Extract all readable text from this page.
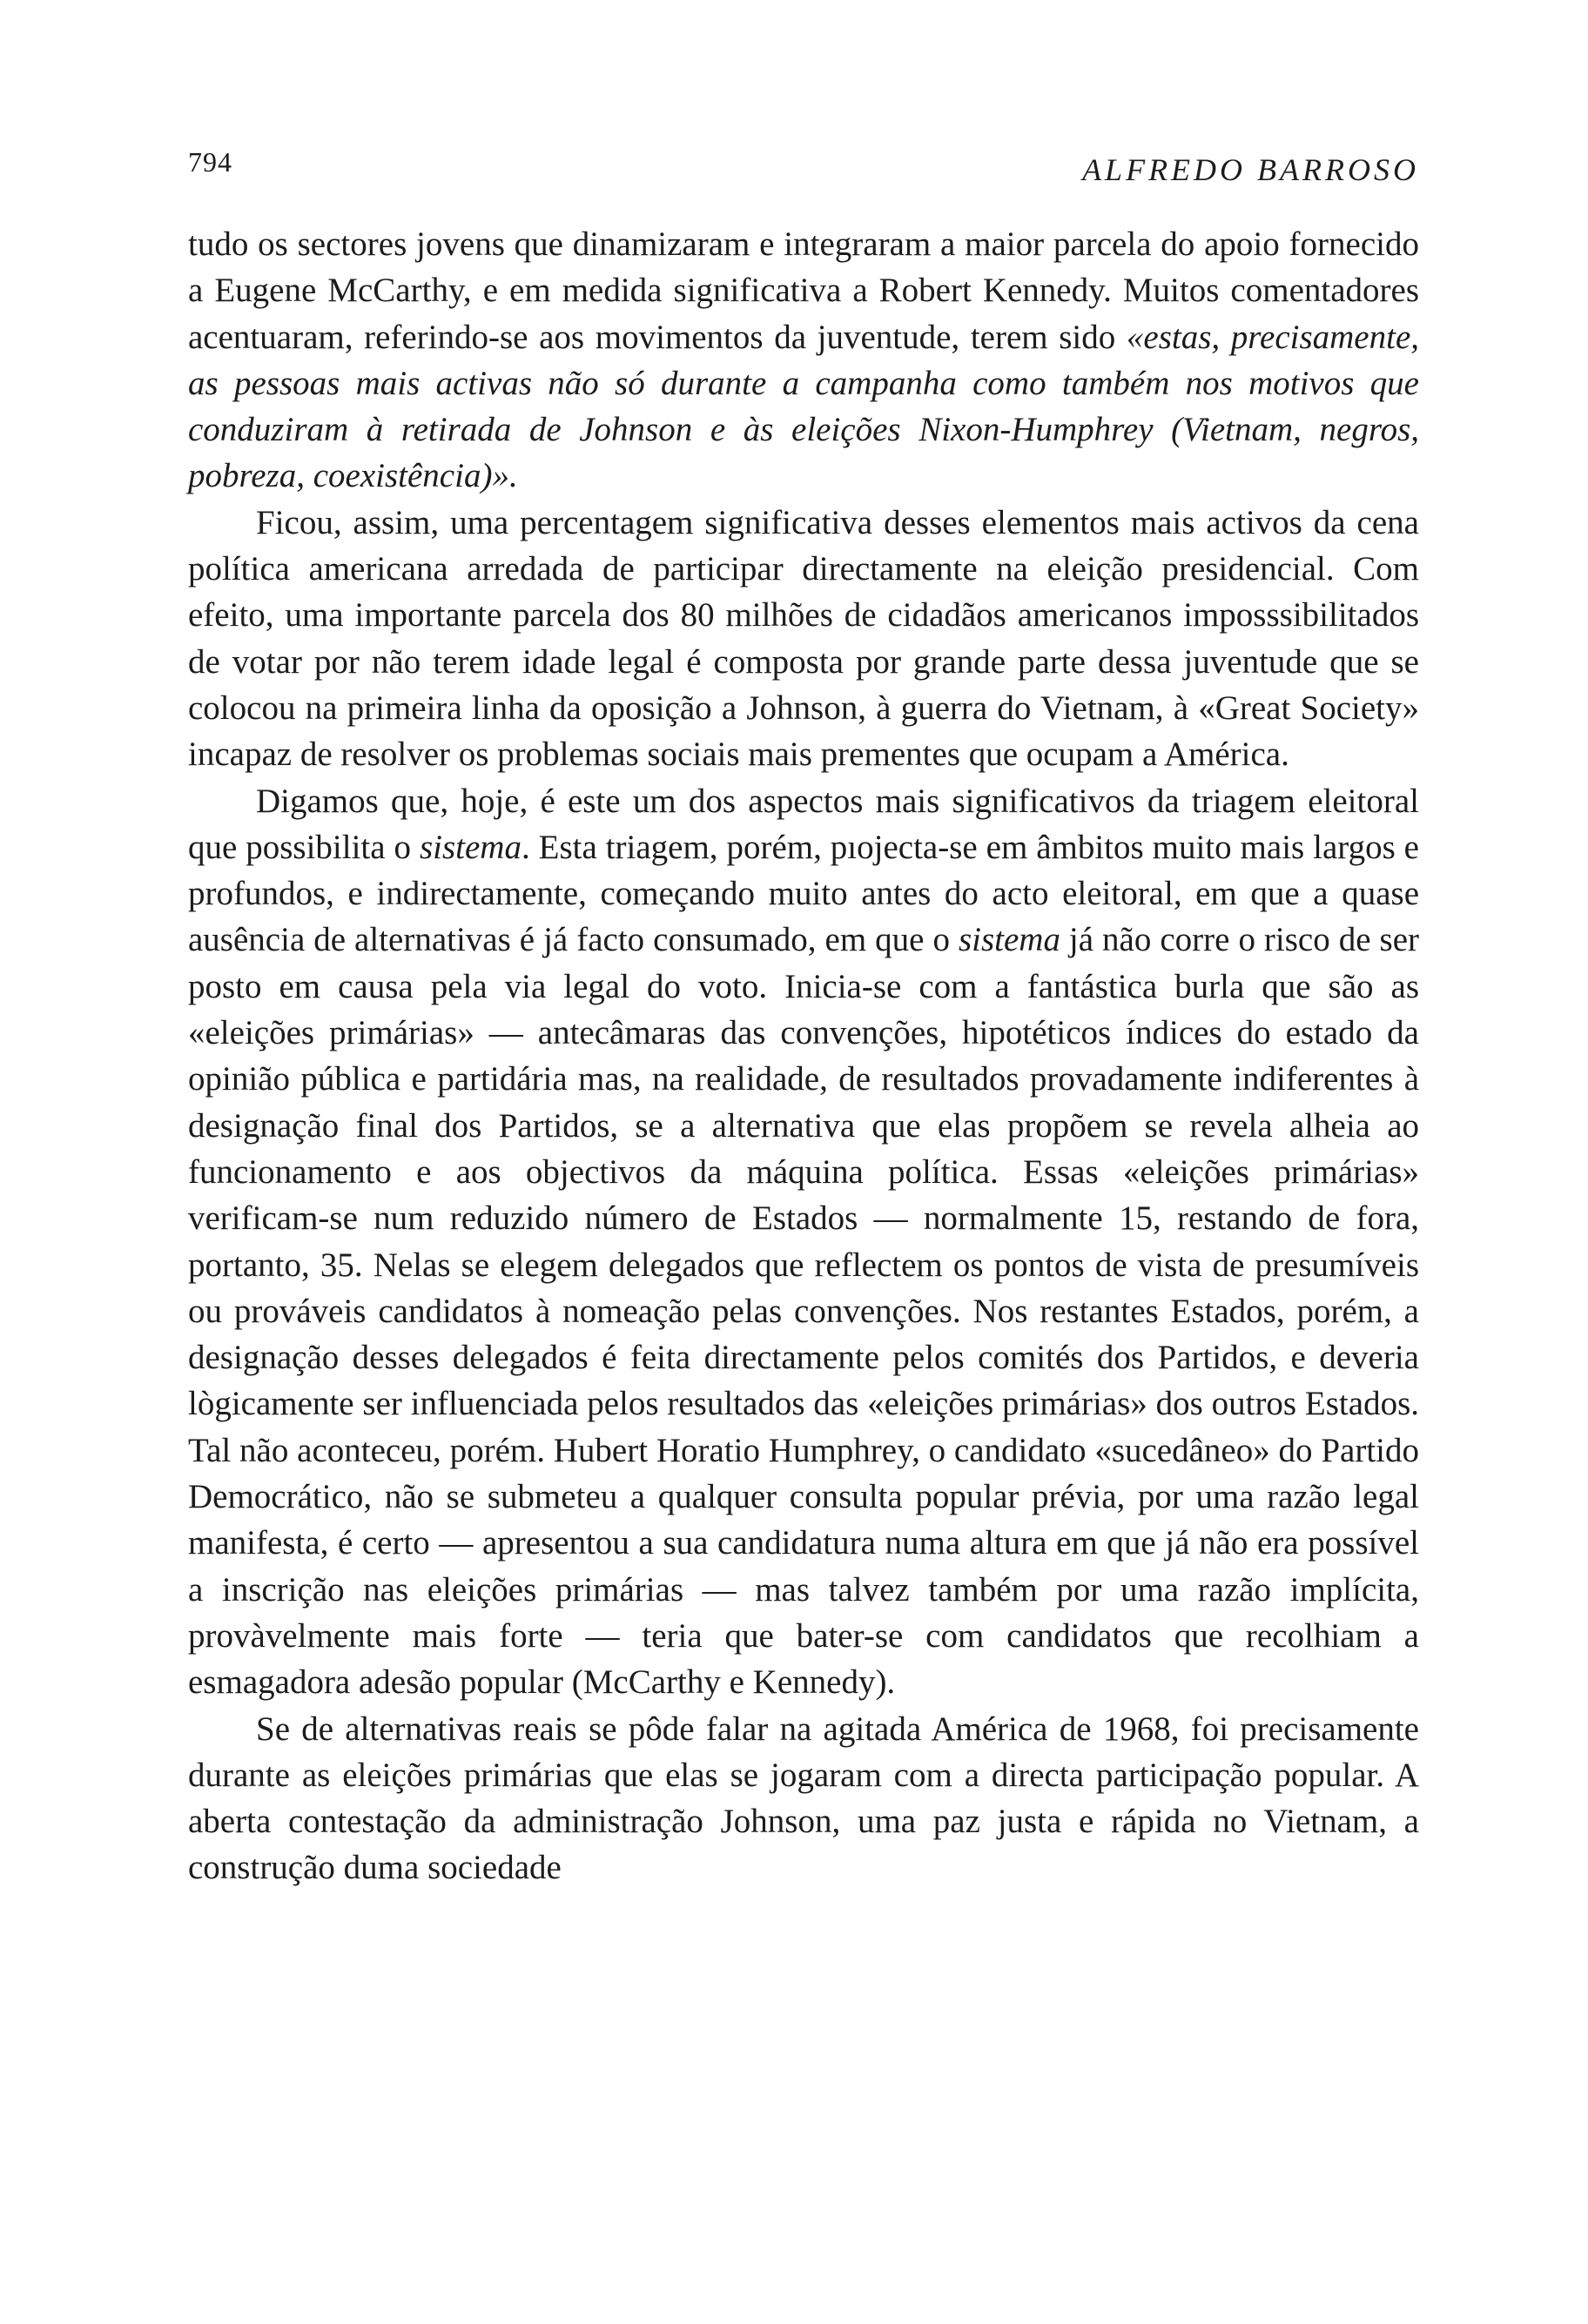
794	ALFREDO BARROSO

tudo os sectores jovens que dinamizaram e integraram a maior parcela do apoio fornecido a Eugene McCarthy, e em medida significativa a Robert Kennedy. Muitos comentadores acentuaram, referindo-se aos movimentos da juventude, terem sido «estas, precisamente, as pessoas mais activas não só durante a campanha como também nos motivos que conduziram à retirada de Johnson e às eleições Nixon-Humphrey (Vietnam, negros, pobreza, coexistência)».

Ficou, assim, uma percentagem significativa desses elementos mais activos da cena política americana arredada de participar directamente na eleição presidencial. Com efeito, uma importante parcela dos 80 milhões de cidadãos americanos imposssibilitados de votar por não terem idade legal é composta por grande parte dessa juventude que se colocou na primeira linha da oposição a Johnson, à guerra do Vietnam, à «Great Society» incapaz de resolver os problemas sociais mais prementes que ocupam a América.

Digamos que, hoje, é este um dos aspectos mais significativos da triagem eleitoral que possibilita o sistema. Esta triagem, porém, pıojecta-se em âmbitos muito mais largos e profundos, e indirectamente, começando muito antes do acto eleitoral, em que a quase ausência de alternativas é já facto consumado, em que o sistema já não corre o risco de ser posto em causa pela via legal do voto. Inicia-se com a fantástica burla que são as «eleições primárias» — antecâmaras das convenções, hipotéticos índices do estado da opinião pública e partidária mas, na realidade, de resultados provadamente indiferentes à designação final dos Partidos, se a alternativa que elas propõem se revela alheia ao funcionamento e aos objectivos da máquina política. Essas «eleições primárias» verificam-se num reduzido número de Estados — normalmente 15, restando de fora, portanto, 35. Nelas se elegem delegados que reflectem os pontos de vista de presumíveis ou prováveis candidatos à nomeação pelas convenções. Nos restantes Estados, porém, a designação desses delegados é feita directamente pelos comités dos Partidos, e deveria lògicamente ser influenciada pelos resultados das «eleições primárias» dos outros Estados. Tal não aconteceu, porém. Hubert Horatio Humphrey, o candidato «sucedâneo» do Partido Democrático, não se submeteu a qualquer consulta popular prévia, por uma razão legal manifesta, é certo — apresentou a sua candidatura numa altura em que já não era possível a inscrição nas eleições primárias — mas talvez também por uma razão implícita, provàvelmente mais forte — teria que bater-se com candidatos que recolhiam a esmagadora adesão popular (McCarthy e Kennedy).

Se de alternativas reais se pôde falar na agitada América de 1968, foi precisamente durante as eleições primárias que elas se jogaram com a directa participação popular. A aberta contestação da administração Johnson, uma paz justa e rápida no Vietnam, a construção duma sociedade
